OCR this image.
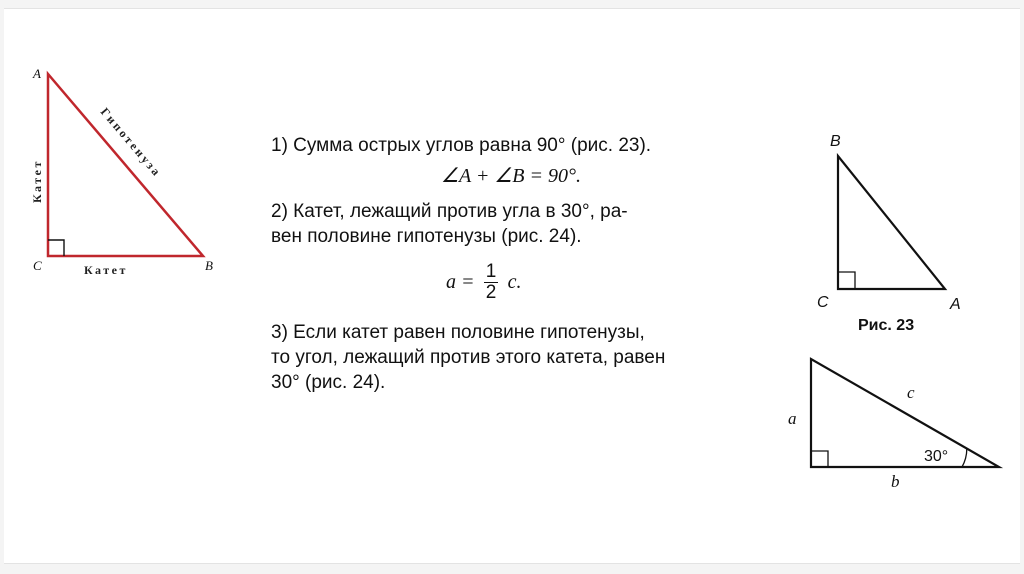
A
B
C
Гипотенуза
Катет
Катет
B
C	A
Рис. 23
a
b
c
30°
1) Сумма острых углов равна 90° (рис. 23).
∠A + ∠B = 90°.
2) Катет, лежащий против угла в 30°, ра-
вен половине гипотенузы (рис. 24).
$a = \frac{1}{2} c$.
3) Если катет равен половине гипотенузы,
то угол, лежащий против этого катета, равен
30° (рис. 24).
